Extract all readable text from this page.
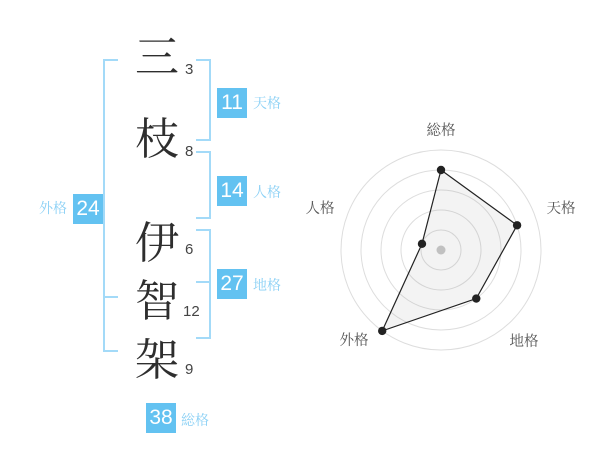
三
枝
伊
智
架
3
8
6
12
9
11 天格
14 人格
27 地格
外格 24
38 総格
総格
天格
地格
外格
人格
